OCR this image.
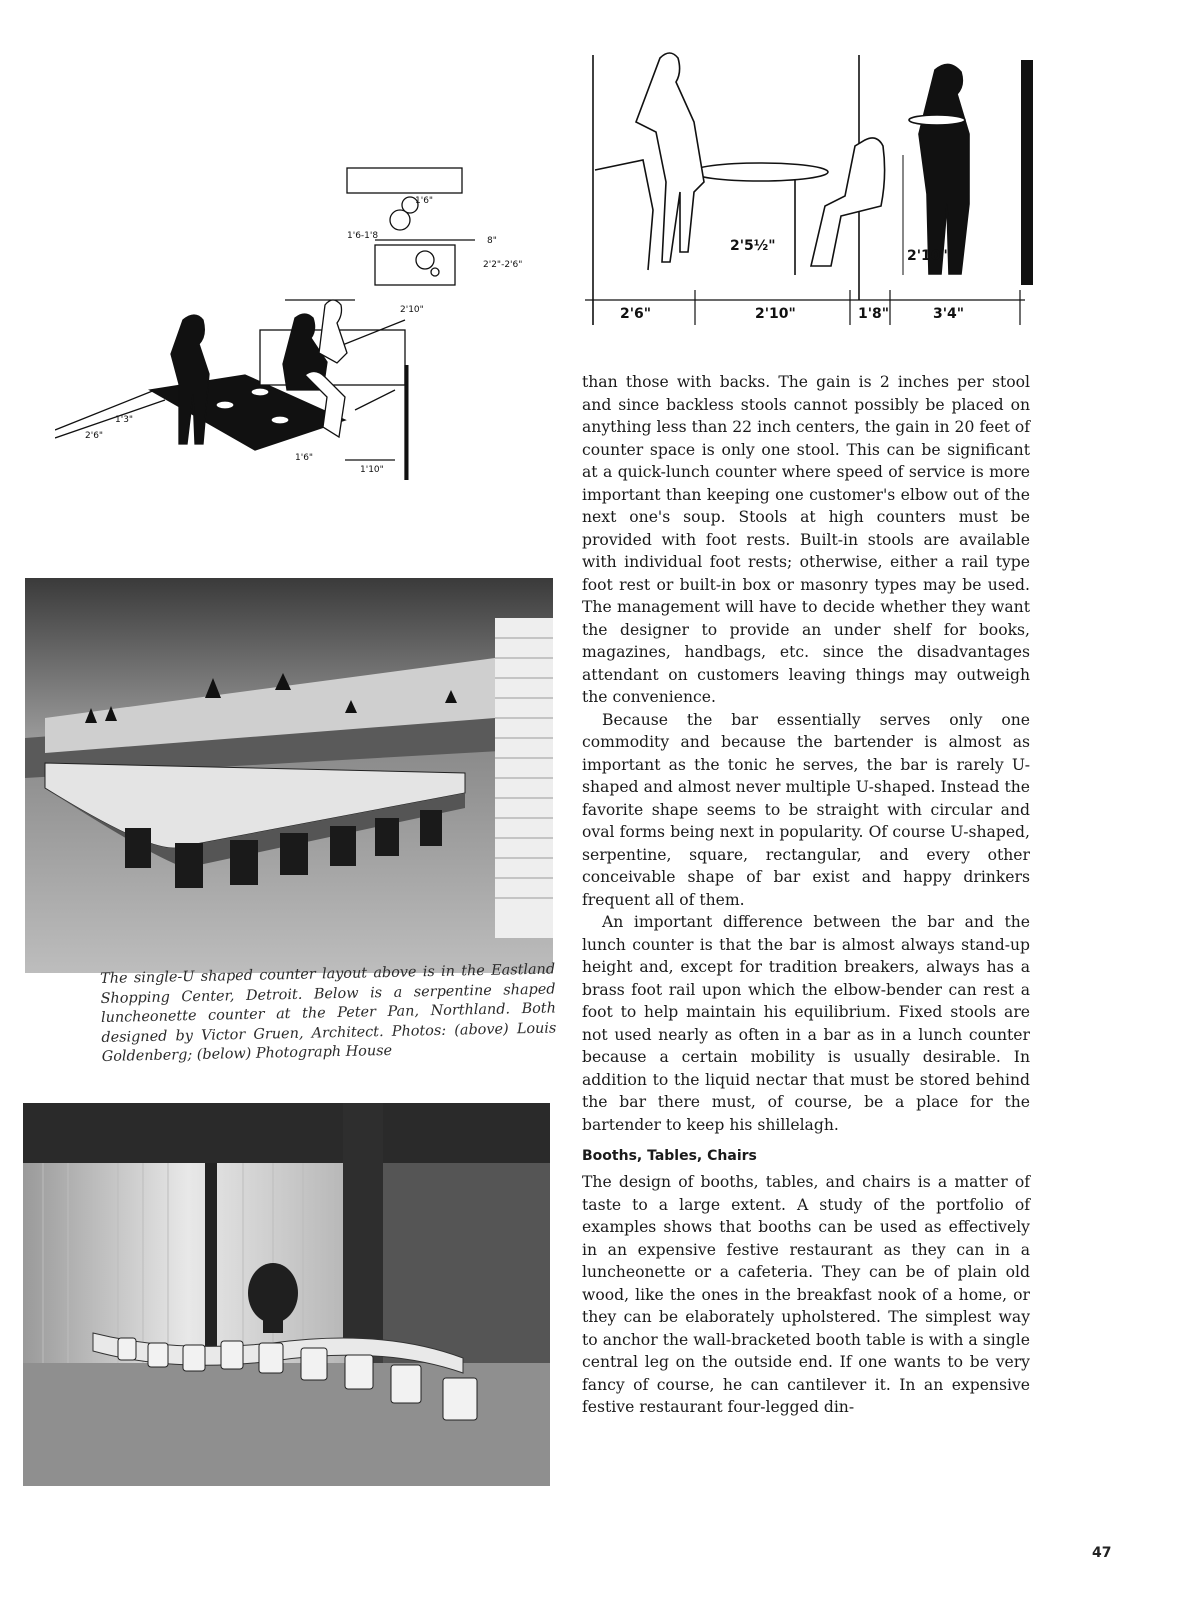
1'6"
1'6-1'8	8"
2'2"-2'6"
2'10"
1'3"
2'6"
1'6"
1'10"
2'5½"
2'10"
2'6"	2'10"	1'8"	3'4"
The single-U shaped counter layout above is in the Eastland Shopping Center, Detroit. Below is a serpentine shaped luncheonette counter at the Peter Pan, Northland. Both designed by Victor Gruen, Architect. Photos: (above) Louis Goldenberg; (below) Photograph House

than those with backs. The gain is 2 inches per stool and since backless stools cannot possibly be placed on anything less than 22 inch centers, the gain in 20 feet of counter space is only one stool. This can be significant at a quick-lunch counter where speed of service is more important than keeping one customer's elbow out of the next one's soup. Stools at high counters must be provided with foot rests. Built-in stools are available with individual foot rests; otherwise, either a rail type foot rest or built-in box or masonry types may be used. The management will have to decide whether they want the designer to provide an under shelf for books, magazines, handbags, etc. since the disadvantages attendant on customers leaving things may outweigh the convenience.

Because the bar essentially serves only one commodity and because the bartender is almost as important as the tonic he serves, the bar is rarely U-shaped and almost never multiple U-shaped. Instead the favorite shape seems to be straight with circular and oval forms being next in popularity. Of course U-shaped, serpentine, square, rectangular, and every other conceivable shape of bar exist and happy drinkers frequent all of them.

An important difference between the bar and the lunch counter is that the bar is almost always stand-up height and, except for tradition breakers, always has a brass foot rail upon which the elbow-bender can rest a foot to help maintain his equilibrium. Fixed stools are not used nearly as often in a bar as in a lunch counter because a certain mobility is usually desirable. In addition to the liquid nectar that must be stored behind the bar there must, of course, be a place for the bartender to keep his shillelagh.

Booths, Tables, Chairs

The design of booths, tables, and chairs is a matter of taste to a large extent. A study of the portfolio of examples shows that booths can be used as effectively in an expensive festive restaurant as they can in a luncheonette or a cafeteria. They can be of plain old wood, like the ones in the breakfast nook of a home, or they can be elaborately upholstered. The simplest way to anchor the wall-bracketed booth table is with a single central leg on the outside end. If one wants to be very fancy of course, he can cantilever it. In an expensive festive restaurant four-legged din-

47
